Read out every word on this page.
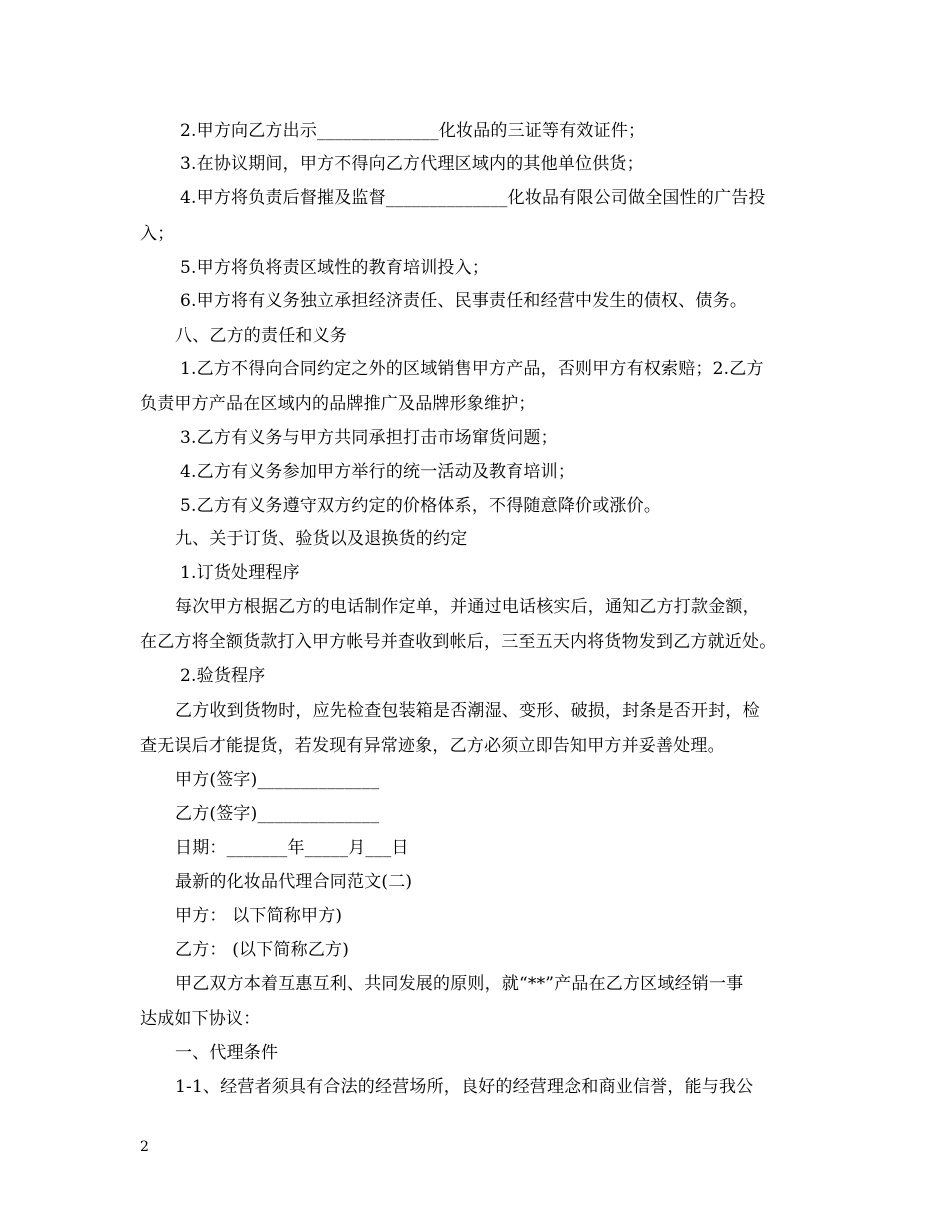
2.甲方向乙方出示______________化妆品的三证等有效证件；
3.在协议期间，甲方不得向乙方代理区域内的其他单位供货；
4.甲方将负责后督摧及监督______________化妆品有限公司做全国性的广告投
入；
5.甲方将负将责区域性的教育培训投入；
6.甲方将有义务独立承担经济责任、民事责任和经营中发生的债权、债务。
八、乙方的责任和义务
1.乙方不得向合同约定之外的区域销售甲方产品，否则甲方有权索赔；2.乙方
负责甲方产品在区域内的品牌推广及品牌形象维护；
3.乙方有义务与甲方共同承担打击市场窜货问题；
4.乙方有义务参加甲方举行的统一活动及教育培训；
5.乙方有义务遵守双方约定的价格体系，不得随意降价或涨价。
九、关于订货、验货以及退换货的约定
1.订货处理程序
每次甲方根据乙方的电话制作定单，并通过电话核实后，通知乙方打款金额，
在乙方将全额货款打入甲方帐号并查收到帐后，三至五天内将货物发到乙方就近处。
2.验货程序
乙方收到货物时，应先检查包装箱是否潮湿、变形、破损，封条是否开封，检
查无误后才能提货，若发现有异常迹象，乙方必须立即告知甲方并妥善处理。
甲方(签字)______________
乙方(签字)______________
日期：_______年_____月___日
最新的化妆品代理合同范文(二)
甲方： 以下简称甲方)
乙方： (以下简称乙方)
甲乙双方本着互惠互利、共同发展的原则，就“**”产品在乙方区域经销一事
达成如下协议：
一、代理条件
1-1、经营者须具有合法的经营场所，良好的经营理念和商业信誉，能与我公
2
